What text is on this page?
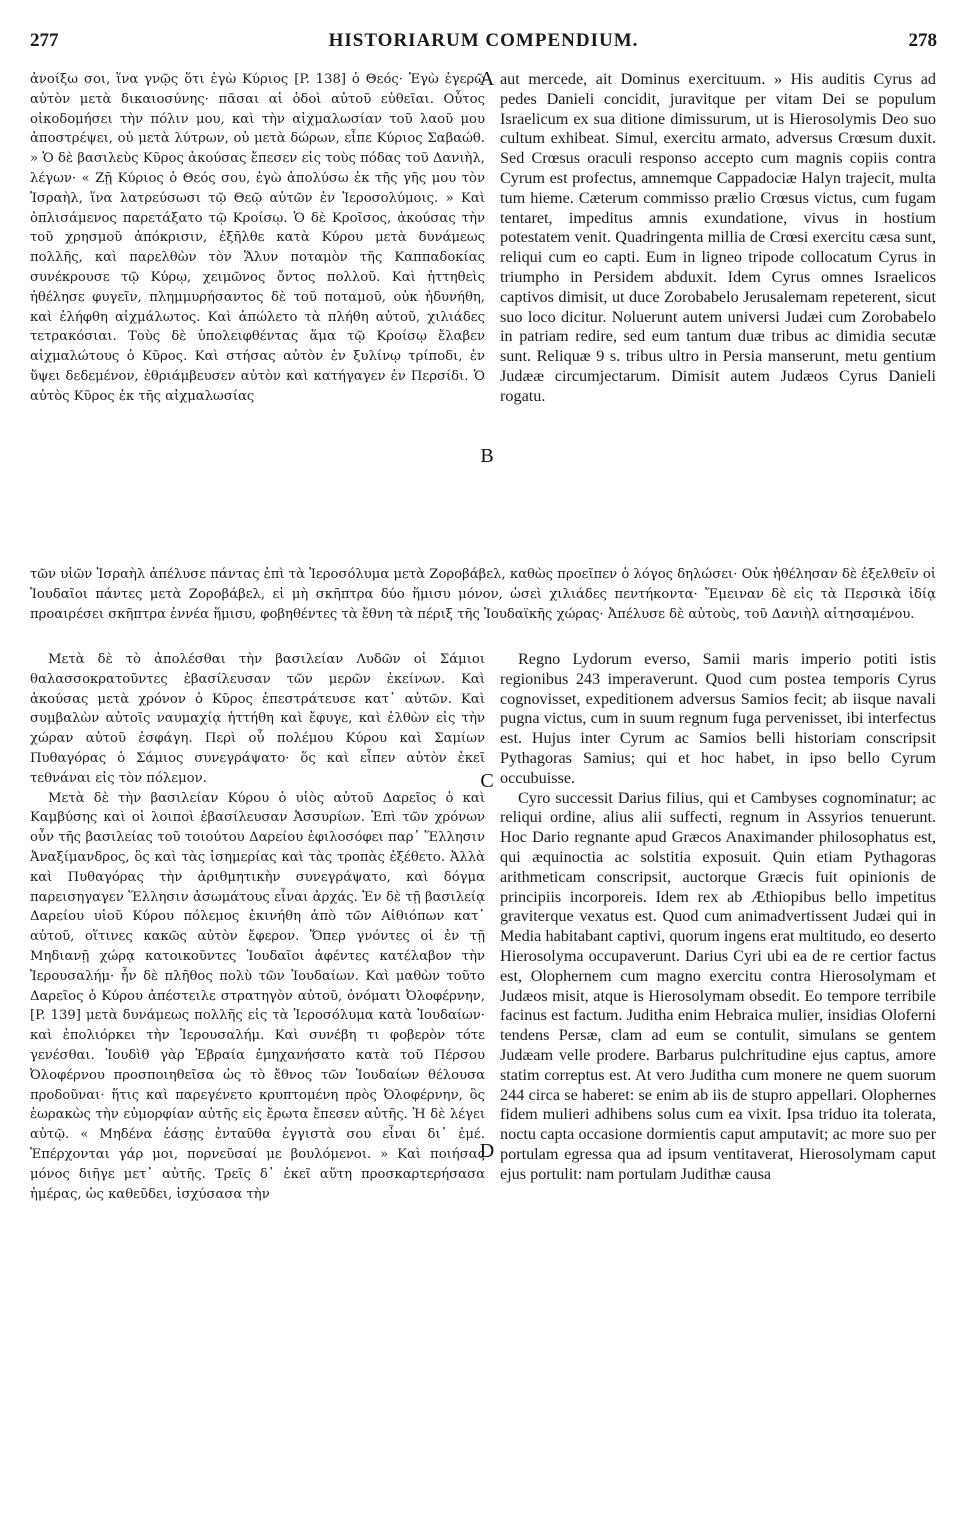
277	HISTORIARUM COMPENDIUM.	278

ἀνοίξω σοι, ἵνα γνῷς ὅτι ἐγὼ Κύριος [P. 138] ὁ Θεός· Ἐγὼ ἐγερῶ αὐτὸν μετὰ δικαιοσύνης· πᾶσαι αἱ ὁδοὶ αὐτοῦ εὐθεῖαι. Οὗτος οἰκοδομήσει τὴν πόλιν μου, καὶ τὴν αἰχμαλωσίαν τοῦ λαοῦ μου ἀποστρέψει, οὐ μετὰ λύτρων, οὐ μετὰ δώρων, εἶπε Κύριος Σαβαώθ. » Ὁ δὲ βασιλεὺς Κῦρος ἀκούσας ἔπεσεν εἰς τοὺς πόδας τοῦ Δανιὴλ, λέγων· « Ζῇ Κύριος ὁ Θεός σου, ἐγὼ ἀπολύσω ἐκ τῆς γῆς μου τὸν Ἰσραὴλ, ἵνα λατρεύσωσι τῷ Θεῷ αὐτῶν ἐν Ἱεροσολύμοις. » Καὶ ὁπλισάμενος παρετάξατο τῷ Κροίσῳ. Ὁ δὲ Κροῖσος, ἀκούσας τὴν τοῦ χρησμοῦ ἀπόκρισιν, ἐξῆλθε κατὰ Κύρου μετὰ δυνάμεως πολλῆς, καὶ παρελθὼν τὸν Ἅλυν ποταμὸν τῆς Καππαδοκίας συνέκρουσε τῷ Κύρῳ, χειμῶνος ὄντος πολλοῦ. Καὶ ἡττηθεὶς ἠθέλησε φυγεῖν, πλημμυρήσαντος δὲ τοῦ ποταμοῦ, οὐκ ἠδυνήθη, καὶ ἐλήφθη αἰχμάλωτος. Καὶ ἀπώλετο τὰ πλήθη αὐτοῦ, χιλιάδες τετρακόσιαι. Τοὺς δὲ ὑπολειφθέντας ἅμα τῷ Κροίσῳ ἔλαβεν αἰχμαλώτους ὁ Κῦρος. Καὶ στήσας αὐτὸν ἐν ξυλίνῳ τρίποδι, ἐν ὕψει δεδεμένον, ἐθριάμβευσεν αὐτὸν καὶ κατήγαγεν ἐν Περσίδι. Ὁ αὐτὸς Κῦρος ἐκ τῆς αἰχμαλωσίας

aut mercede, ait Dominus exercituum. » His auditis Cyrus ad pedes Danieli concidit, juravitque per vitam Dei se populum Israelicum ex sua ditione dimissurum, ut is Hierosolymis Deo suo cultum exhibeat. Simul, exercitu armato, adversus Crœsum duxit. Sed Crœsus oraculi responso accepto cum magnis copiis contra Cyrum est profectus, amnemque Cappadociæ Halyn trajecit, multa tum hieme. Cæterum commisso prælio Crœsus victus, cum fugam tentaret, impeditus amnis exundatione, vivus in hostium potestatem venit. Quadringenta millia de Crœsi exercitu cæsa sunt, reliqui cum eo capti. Eum in ligneo tripode collocatum Cyrus in triumpho in Persidem abduxit. Idem Cyrus omnes Israelicos captivos dimisit, ut duce Zorobabelo Jerusalemam repeterent, sicut suo loco dicitur. Noluerunt autem universi Judæi cum Zorobabelo in patriam redire, sed eum tantum duæ tribus ac dimidia secutæ sunt. Reliquæ 9 s. tribus ultro in Persia manserunt, metu gentium Judææ circumjectarum. Dimisit autem Judæos Cyrus Danieli rogatu.

A
B

τῶν υἱῶν Ἰσραὴλ ἀπέλυσε πάντας ἐπὶ τὰ Ἱεροσόλυμα μετὰ Ζοροβάβελ, καθὼς προεῖπεν ὁ λόγος δηλώσει· Οὐκ ἠθέλησαν δὲ ἐξελθεῖν οἱ Ἰουδαῖοι πάντες μετὰ Ζοροβάβελ, εἰ μὴ σκῆπτρα δύο ἥμισυ μόνον, ὡσεὶ χιλιάδες πεντήκοντα· Ἔμειναν δὲ εἰς τὰ Περσικὰ ἰδίᾳ προαιρέσει σκῆπτρα ἐννέα ἥμισυ, φοβηθέντες τὰ ἔθνη τὰ πέριξ τῆς Ἰουδαϊκῆς χώρας· Ἀπέλυσε δὲ αὐτοὺς, τοῦ Δανιὴλ αἰτησαμένου.

Μετὰ δὲ τὸ ἀπολέσθαι τὴν βασιλείαν Λυδῶν οἱ Σάμιοι θαλασσοκρατοῦντες ἐβασίλευσαν τῶν μερῶν ἐκείνων. Καὶ ἀκούσας μετὰ χρόνον ὁ Κῦρος ἐπεστράτευσε κατ᾽ αὐτῶν. Καὶ συμβαλὼν αὐτοῖς ναυμαχίᾳ ἡττήθη καὶ ἔφυγε, καὶ ἐλθὼν εἰς τὴν χώραν αὐτοῦ ἐσφάγη. Περὶ οὗ πολέμου Κύρου καὶ Σαμίων Πυθαγόρας ὁ Σάμιος συνεγράψατο· ὅς καὶ εἶπεν αὐτὸν ἐκεῖ τεθνάναι εἰς τὸν πόλεμον.

Μετὰ δὲ τὴν βασιλείαν Κύρου ὁ υἱὸς αὐτοῦ Δαρεῖος ὁ καὶ Καμβύσης καὶ οἱ λοιποὶ ἐβασίλευσαν Ἀσσυρίων. Ἐπὶ τῶν χρόνων οὖν τῆς βασιλείας τοῦ τοιούτου Δαρείου ἐφιλοσόφει παρ᾽ Ἕλλησιν Ἀναξίμανδρος, ὃς καὶ τὰς ἰσημερίας καὶ τὰς τροπὰς ἐξέθετο. Ἀλλὰ καὶ Πυθαγόρας τὴν ἀριθμητικὴν συνεγράψατο, καὶ δόγμα παρεισηγαγεν Ἕλλησιν ἀσωμάτους εἶναι ἀρχάς. Ἐν δὲ τῇ βασιλείᾳ Δαρείου υἱοῦ Κύρου πόλεμος ἐκινήθη ἀπὸ τῶν Αἰθιόπων κατ᾽ αὐτοῦ, οἵτινες κακῶς αὐτὸν ἔφερον. Ὅπερ γνόντες οἱ ἐν τῇ Μηδιανῇ χώρᾳ κατοικοῦντες Ἰουδαῖοι ἀφέντες κατέλαβον τὴν Ἱερουσαλήμ· ἦν δὲ πλῆθος πολὺ τῶν Ἰουδαίων. Καὶ μαθὼν τοῦτο Δαρεῖος ὁ Κύρου ἀπέστειλε στρατηγὸν αὐτοῦ, ὀνόματι Ὀλοφέρνην, [P. 139] μετὰ δυνάμεως πολλῆς εἰς τὰ Ἱεροσόλυμα κατὰ Ἰουδαίων· καὶ ἐπολιόρκει τὴν Ἱερουσαλήμ. Καὶ συνέβη τι φοβερὸν τότε γενέσθαι. Ἰουδὶθ γὰρ Ἑβραία ἐμηχανήσατο κατὰ τοῦ Πέρσου Ὀλοφέρνου προσποιηθεῖσα ὡς τὸ ἔθνος τῶν Ἰουδαίων θέλουσα προδοῦναι· ἥτις καὶ παρεγένετο κρυπτομένη πρὸς Ὀλοφέρνην, ὃς ἑωρακὼς τὴν εὐμορφίαν αὐτῆς εἰς ἔρωτα ἔπεσεν αὐτῆς. Ἡ δὲ λέγει αὐτῷ. « Μηδένα ἐάσῃς ἐνταῦθα ἐγγιστὰ σου εἶναι δι᾽ ἐμέ. Ἐπέρχονται γάρ μοι, πορνεῦσαί με βουλόμενοι. » Καὶ ποιήσας μόνος διῆγε μετ᾽ αὐτῆς. Τρεῖς δ᾽ ἐκεῖ αὕτη προσκαρτερήσασα ἡμέρας, ὡς καθεῦδει, ἰσχύσασα τὴν

Regno Lydorum everso, Samii maris imperio potiti istis regionibus 243 imperaverunt. Quod cum postea temporis Cyrus cognovisset, expeditionem adversus Samios fecit; ab iisque navali pugna victus, cum in suum regnum fuga pervenisset, ibi interfectus est. Hujus inter Cyrum ac Samios belli historiam conscripsit Pythagoras Samius; qui et hoc habet, in ipso bello Cyrum occubuisse.

Cyro successit Darius filius, qui et Cambyses cognominatur; ac reliqui ordine, alius alii suffecti, regnum in Assyrios tenuerunt. Hoc Dario regnante apud Græcos Anaximander philosophatus est, qui æquinoctia ac solstitia exposuit. Quin etiam Pythagoras arithmeticam conscripsit, auctorque Græcis fuit opinionis de principiis incorporeis. Idem rex ab Æthiopibus bello impetitus graviterque vexatus est. Quod cum animadvertissent Judæi qui in Media habitabant captivi, quorum ingens erat multitudo, eo deserto Hierosolyma occupaverunt. Darius Cyri ubi ea de re certior factus est, Olophernem cum magno exercitu contra Hierosolymam et Judæos misit, atque is Hierosolymam obsedit. Eo tempore terribile facinus est factum. Juditha enim Hebraica mulier, insidias Oloferni tendens Persæ, clam ad eum se contulit, simulans se gentem Judæam velle prodere. Barbarus pulchritudine ejus captus, amore statim correptus est. At vero Juditha cum monere ne quem suorum 244 circa se haberet: se enim ab iis de stupro appellari. Olophernes fidem mulieri adhibens solus cum ea vixit. Ipsa triduo ita tolerata, noctu capta occasione dormientis caput amputavit; ac more suo per portulam egressa qua ad ipsum ventitaverat, Hierosolymam caput ejus portulit: nam portulam Judithæ causa

C
D
